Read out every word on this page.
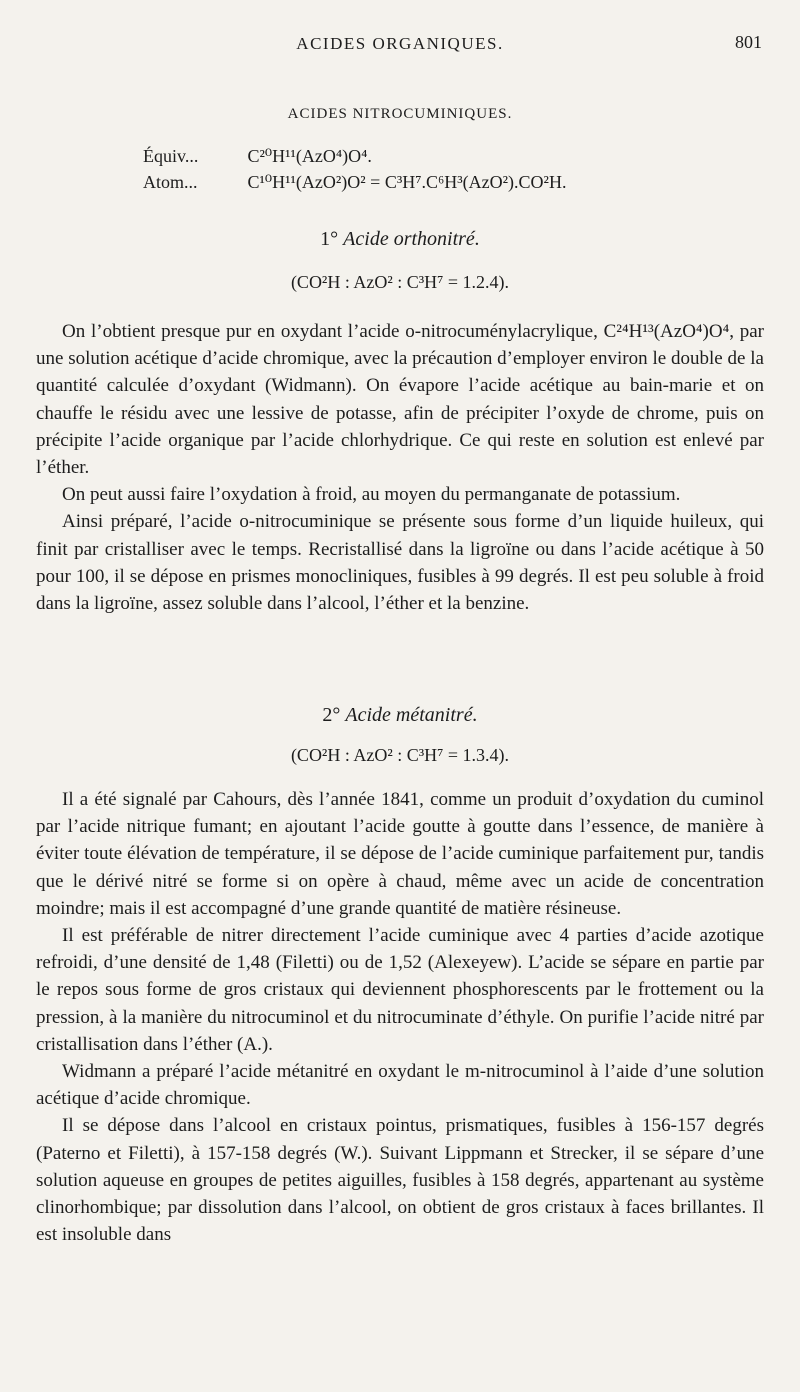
ACIDES ORGANIQUES.	801
ACIDES NITROCUMINIQUES.
Équiv...	C²⁰H¹¹(AzO⁴)O⁴.
Atom...	C¹⁰H¹¹(AzO²)O² = C³H⁷.C⁶H³(AzO²).CO²H.
1° Acide orthonitré.
(CO²H : AzO² : C³H⁷ = 1.2.4).

On l’obtient presque pur en oxydant l’acide o-nitrocuménylacrylique, C²⁴H¹³(AzO⁴)O⁴, par une solution acétique d’acide chromique, avec la précaution d’employer environ le double de la quantité calculée d’oxydant (Widmann). On évapore l’acide acétique au bain-marie et on chauffe le résidu avec une lessive de potasse, afin de précipiter l’oxyde de chrome, puis on précipite l’acide organique par l’acide chlorhydrique. Ce qui reste en solution est enlevé par l’éther.

On peut aussi faire l’oxydation à froid, au moyen du permanganate de potassium.

Ainsi préparé, l’acide o-nitrocuminique se présente sous forme d’un liquide huileux, qui finit par cristalliser avec le temps. Recristallisé dans la ligroïne ou dans l’acide acétique à 50 pour 100, il se dépose en prismes monocliniques, fusibles à 99 degrés. Il est peu soluble à froid dans la ligroïne, assez soluble dans l’alcool, l’éther et la benzine.

2° Acide métanitré.
(CO²H : AzO² : C³H⁷ = 1.3.4).

Il a été signalé par Cahours, dès l’année 1841, comme un produit d’oxydation du cuminol par l’acide nitrique fumant; en ajoutant l’acide goutte à goutte dans l’essence, de manière à éviter toute élévation de température, il se dépose de l’acide cuminique parfaitement pur, tandis que le dérivé nitré se forme si on opère à chaud, même avec un acide de concentration moindre; mais il est accompagné d’une grande quantité de matière résineuse.

Il est préférable de nitrer directement l’acide cuminique avec 4 parties d’acide azotique refroidi, d’une densité de 1,48 (Filetti) ou de 1,52 (Alexeyew). L’acide se sépare en partie par le repos sous forme de gros cristaux qui deviennent phosphorescents par le frottement ou la pression, à la manière du nitrocuminol et du nitrocuminate d’éthyle. On purifie l’acide nitré par cristallisation dans l’éther (A.).

Widmann a préparé l’acide métanitré en oxydant le m-nitrocuminol à l’aide d’une solution acétique d’acide chromique.

Il se dépose dans l’alcool en cristaux pointus, prismatiques, fusibles à 156-157 degrés (Paterno et Filetti), à 157-158 degrés (W.). Suivant Lippmann et Strecker, il se sépare d’une solution aqueuse en groupes de petites aiguilles, fusibles à 158 degrés, appartenant au système clinorhombique; par dissolution dans l’alcool, on obtient de gros cristaux à faces brillantes. Il est insoluble dans
